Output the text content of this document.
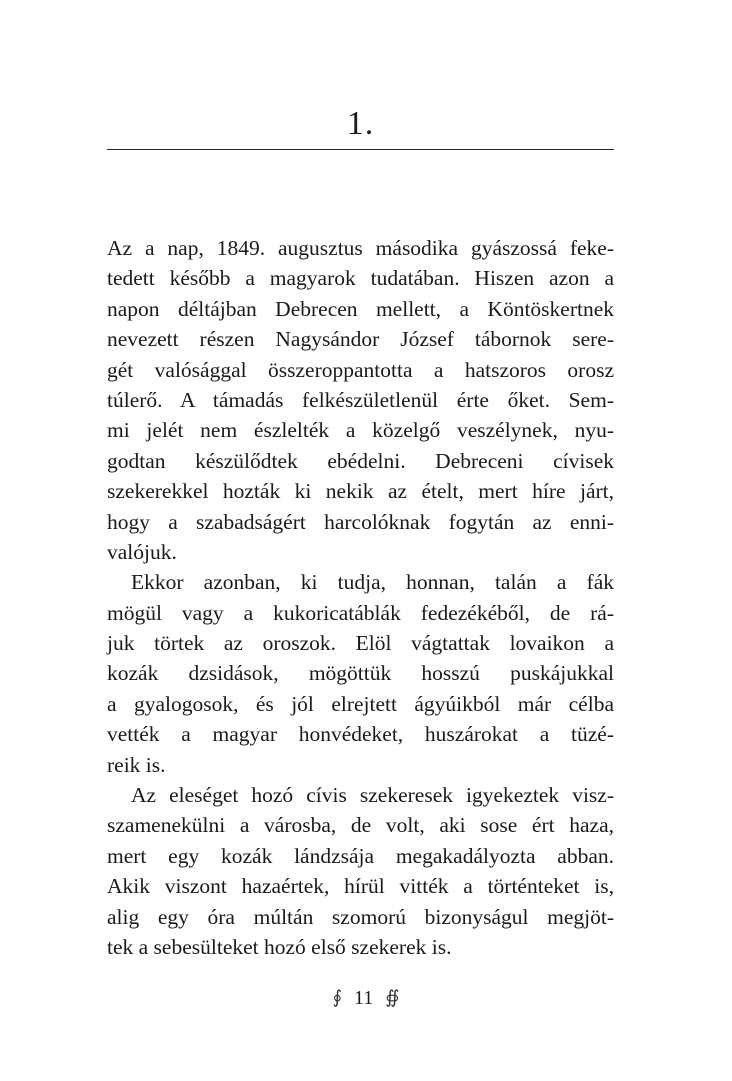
1.
Az a nap, 1849. augusztus másodika gyászossá feke-
tedett később a magyarok tudatában. Hiszen azon a
napon déltájban Debrecen mellett, a Köntöskertnek
nevezett részen Nagysándor József tábornok sere-
gét valósággal összeroppantotta a hatszoros orosz
túlerő. A támadás felkészületlenül érte őket. Sem-
mi jelét nem észlelték a közelgő veszélynek, nyu-
godtan készülődtek ebédelni. Debreceni cívisek
szekerekkel hozták ki nekik az ételt, mert híre járt,
hogy a szabadságért harcolóknak fogytán az enni-
valójuk.
Ekkor azonban, ki tudja, honnan, talán a fák
mögül vagy a kukoricatáblák fedezékéből, de rá-
juk törtek az oroszok. Elöl vágtattak lovaikon a
kozák dzsidások, mögöttük hosszú puskájukkal
a gyalogosok, és jól elrejtett ágyúikból már célba
vették a magyar honvédeket, huszárokat a tüzé-
reik is.
Az eleséget hozó cívis szekeresek igyekeztek visz-
szamenekülni a városba, de volt, aki sose ért haza,
mert egy kozák lándzsája megakadályozta abban.
Akik viszont hazaértek, hírül vitték a történteket is,
alig egy óra múltán szomorú bizonyságul megjöt-
tek a sebesülteket hozó első szekerek is.
∮ 11 ∯
